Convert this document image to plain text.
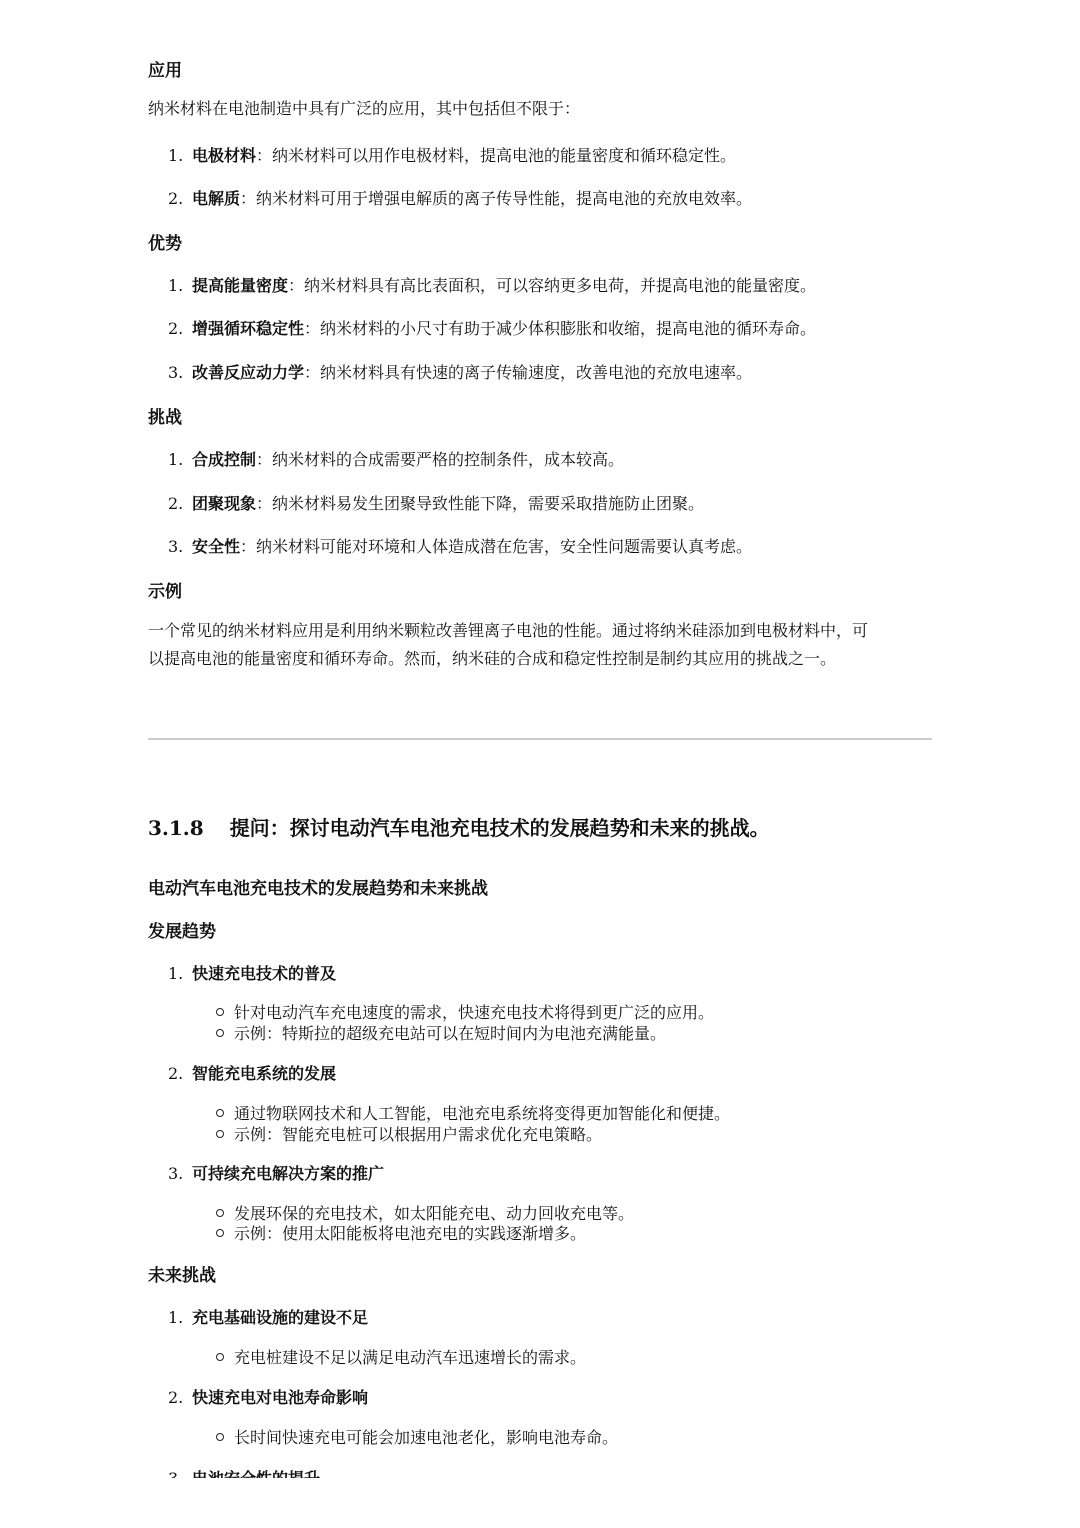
应用
纳米材料在电池制造中具有广泛的应用，其中包括但不限于：
1. 电极材料：纳米材料可以用作电极材料，提高电池的能量密度和循环稳定性。
2. 电解质：纳米材料可用于增强电解质的离子传导性能，提高电池的充放电效率。
优势
1. 提高能量密度：纳米材料具有高比表面积，可以容纳更多电荷，并提高电池的能量密度。
2. 增强循环稳定性：纳米材料的小尺寸有助于减少体积膨胀和收缩，提高电池的循环寿命。
3. 改善反应动力学：纳米材料具有快速的离子传输速度，改善电池的充放电速率。
挑战
1. 合成控制：纳米材料的合成需要严格的控制条件，成本较高。
2. 团聚现象：纳米材料易发生团聚导致性能下降，需要采取措施防止团聚。
3. 安全性：纳米材料可能对环境和人体造成潜在危害，安全性问题需要认真考虑。
示例
一个常见的纳米材料应用是利用纳米颗粒改善锂离子电池的性能。通过将纳米硅添加到电极材料中，可
以提高电池的能量密度和循环寿命。然而，纳米硅的合成和稳定性控制是制约其应用的挑战之一。
3.1.8 提问：探讨电动汽车电池充电技术的发展趋势和未来的挑战。
电动汽车电池充电技术的发展趋势和未来挑战
发展趋势
1. 快速充电技术的普及
针对电动汽车充电速度的需求，快速充电技术将得到更广泛的应用。
示例：特斯拉的超级充电站可以在短时间内为电池充满能量。
2. 智能充电系统的发展
通过物联网技术和人工智能，电池充电系统将变得更加智能化和便捷。
示例：智能充电桩可以根据用户需求优化充电策略。
3. 可持续充电解决方案的推广
发展环保的充电技术，如太阳能充电、动力回收充电等。
示例：使用太阳能板将电池充电的实践逐渐增多。
未来挑战
1. 充电基础设施的建设不足
充电桩建设不足以满足电动汽车迅速增长的需求。
2. 快速充电对电池寿命影响
长时间快速充电可能会加速电池老化，影响电池寿命。
